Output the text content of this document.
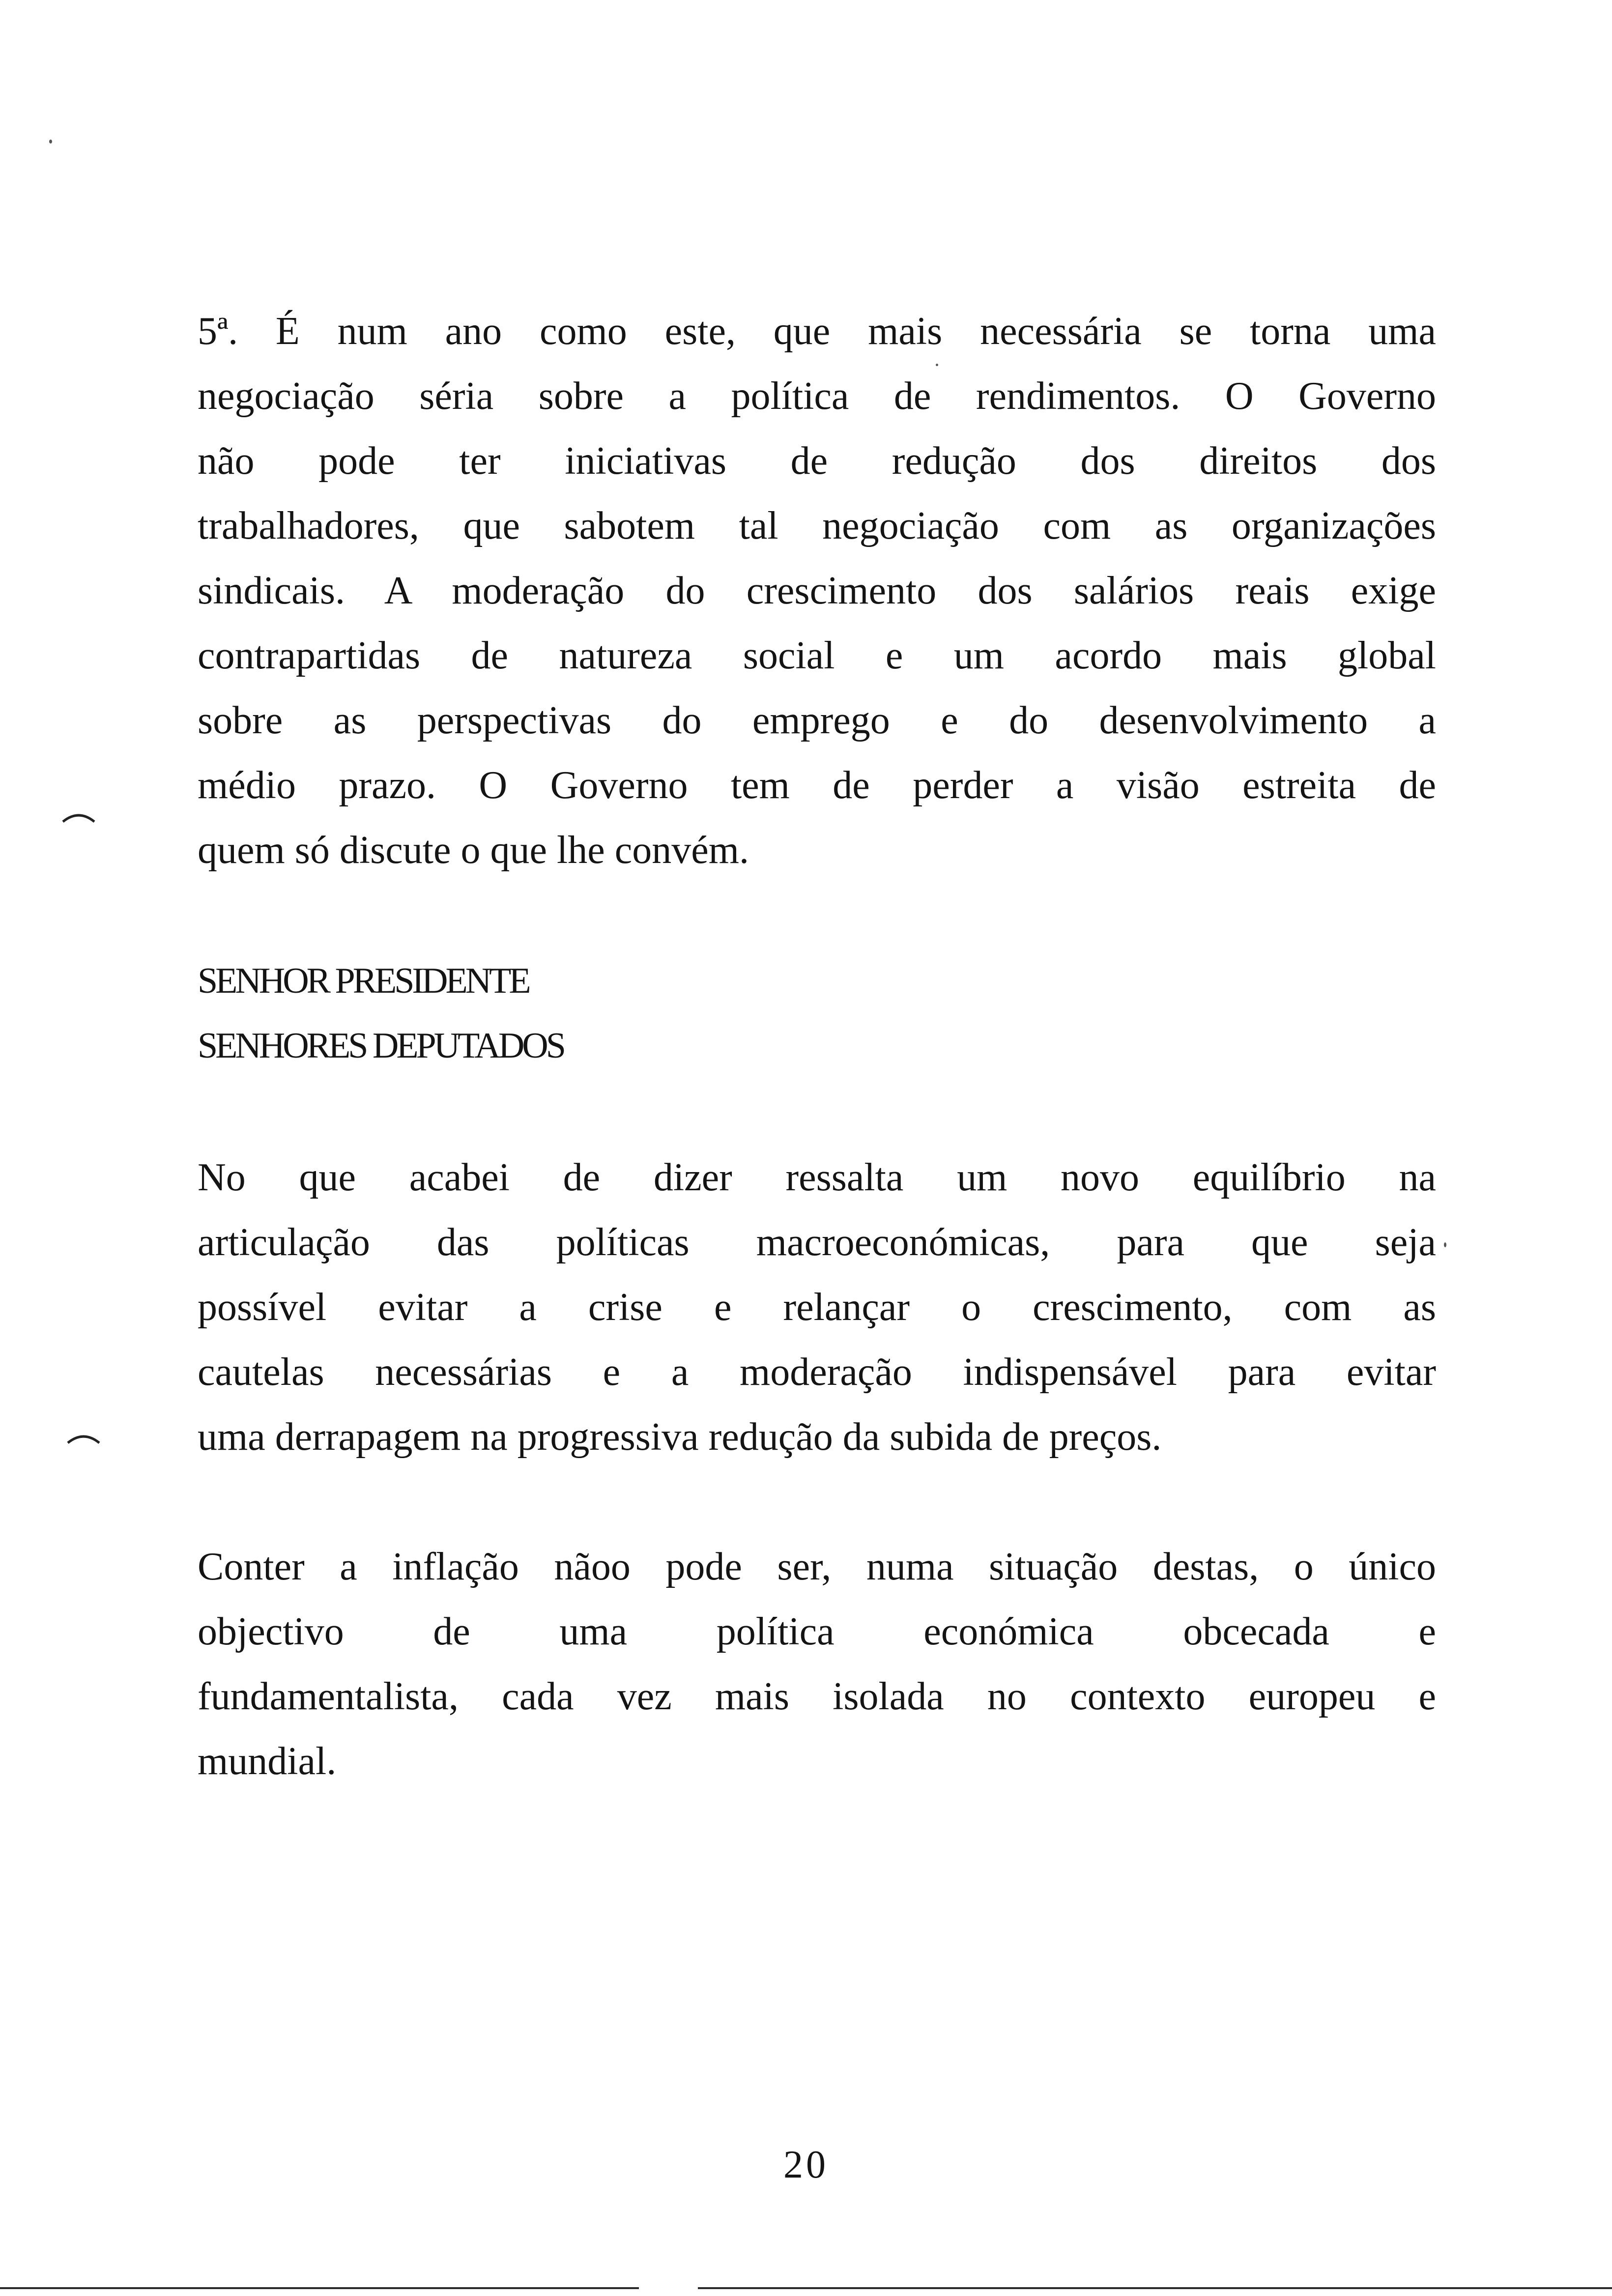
5ª. É num ano como este, que mais necessária se torna uma
negociação séria sobre a política de rendimentos. O Governo
não pode ter iniciativas de redução dos direitos dos
trabalhadores, que sabotem tal negociação com as organizações
sindicais. A moderação do crescimento dos salários reais exige
contrapartidas de natureza social e um acordo mais global
sobre as perspectivas do emprego e do desenvolvimento a
médio prazo. O Governo tem de perder a visão estreita de
quem só discute o que lhe convém.
SENHOR PRESIDENTE
SENHORES DEPUTADOS
No que acabei de dizer ressalta um novo equilíbrio na
articulação das políticas macroeconómicas, para que seja
possível evitar a crise e relançar o crescimento, com as
cautelas necessárias e a moderação indispensável para evitar
uma derrapagem na progressiva redução da subida de preços.
Conter a inflação nãoo pode ser, numa situação destas, o único
objectivo de uma política económica obcecada e
fundamentalista, cada vez mais isolada no contexto europeu e
mundial.
20
